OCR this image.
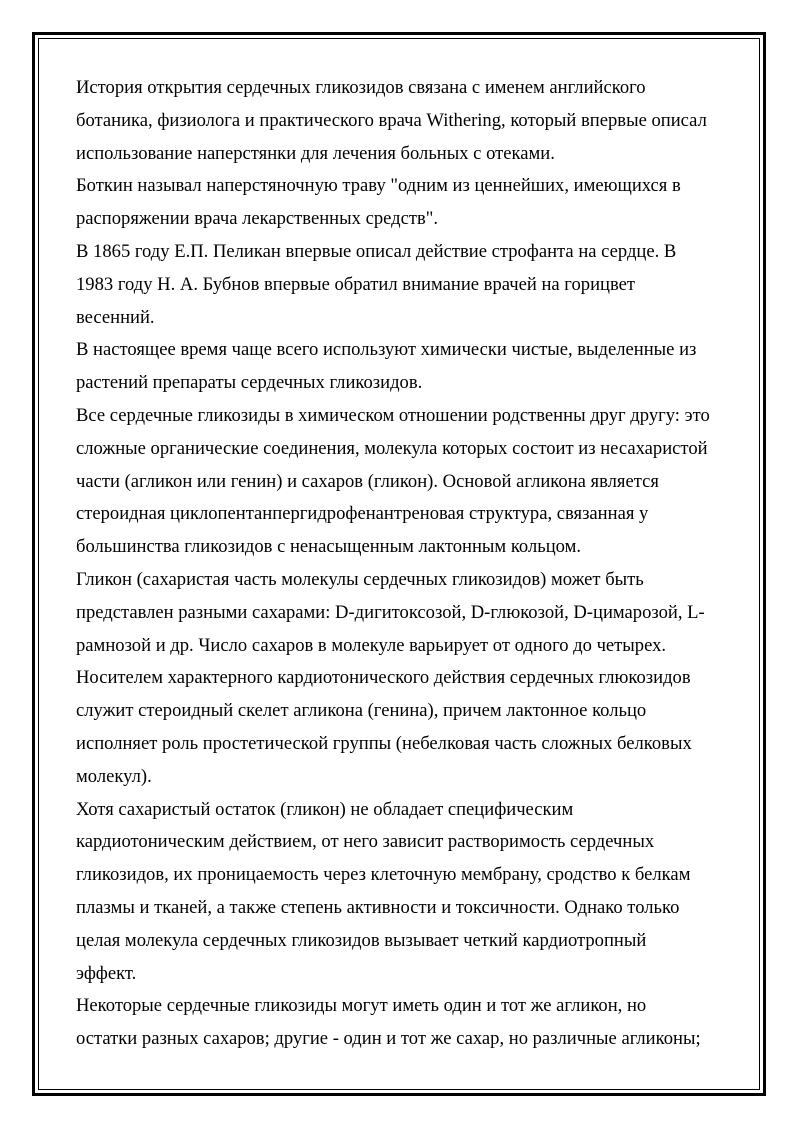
История открытия сердечных гликозидов связана с именем английского
ботаника, физиолога и практического врача Withering, который впервые описал
использование наперстянки для лечения больных с отеками.

Боткин называл наперстяночную траву "одним из ценнейших, имеющихся в
распоряжении врача лекарственных средств".

В 1865 году Е.П. Пеликан впервые описал действие строфанта на сердце. В
1983 году Н. А. Бубнов впервые обратил внимание врачей на горицвет
весенний.

В настоящее время чаще всего используют химически чистые, выделенные из
растений препараты сердечных гликозидов.

Все сердечные гликозиды в химическом отношении родственны друг другу: это
сложные органические соединения, молекула которых состоит из несахаристой
части (агликон или генин) и сахаров (гликон). Основой агликона является
стероидная циклопентанпергидрофенантреновая структура, связанная у
большинства гликозидов с ненасыщенным лактонным кольцом.

Гликон (сахаристая часть молекулы сердечных гликозидов) может быть
представлен разными сахарами: D-дигитоксозой, D-глюкозой, D-цимарозой, L-
рамнозой и др. Число сахаров в молекуле варьирует от одного до четырех.

Носителем характерного кардиотонического действия сердечных глюкозидов
служит стероидный скелет агликона (генина), причем лактонное кольцо
исполняет роль простетической группы (небелковая часть сложных белковых
молекул).

Хотя сахаристый остаток (гликон) не обладает специфическим
кардиотоническим действием, от него зависит растворимость сердечных
гликозидов, их проницаемость через клеточную мембрану, сродство к белкам
плазмы и тканей, а также степень активности и токсичности. Однако только
целая молекула сердечных гликозидов вызывает четкий кардиотропный
эффект.

Некоторые сердечные гликозиды могут иметь один и тот же агликон, но
остатки разных сахаров; другие - один и тот же сахар, но различные агликоны;
